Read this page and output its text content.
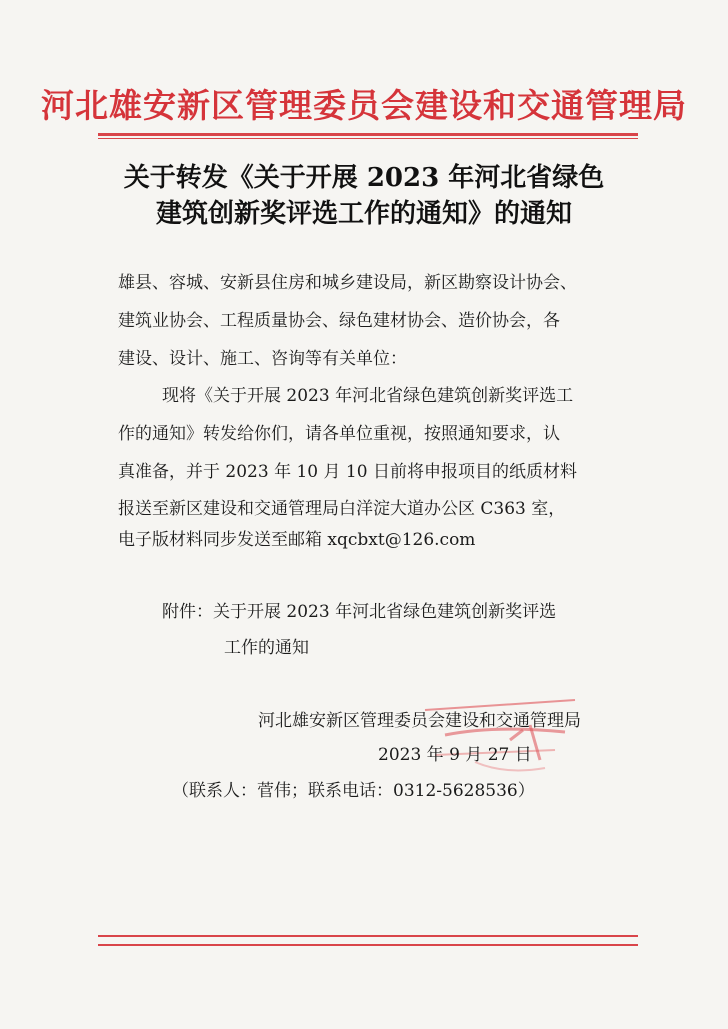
河北雄安新区管理委员会建设和交通管理局
关于转发《关于开展 2023 年河北省绿色
建筑创新奖评选工作的通知》的通知
雄县、容城、安新县住房和城乡建设局，新区勘察设计协会、
建筑业协会、工程质量协会、绿色建材协会、造价协会，各
建设、设计、施工、咨询等有关单位：
现将《关于开展 2023 年河北省绿色建筑创新奖评选工
作的通知》转发给你们，请各单位重视，按照通知要求，认
真准备，并于 2023 年 10 月 10 日前将申报项目的纸质材料
报送至新区建设和交通管理局白洋淀大道办公区 C363 室，
电子版材料同步发送至邮箱 xqcbxt@126.com
附件：关于开展 2023 年河北省绿色建筑创新奖评选
工作的通知
河北雄安新区管理委员会建设和交通管理局
2023 年 9 月 27 日
（联系人：菅伟；联系电话：0312-5628536）
